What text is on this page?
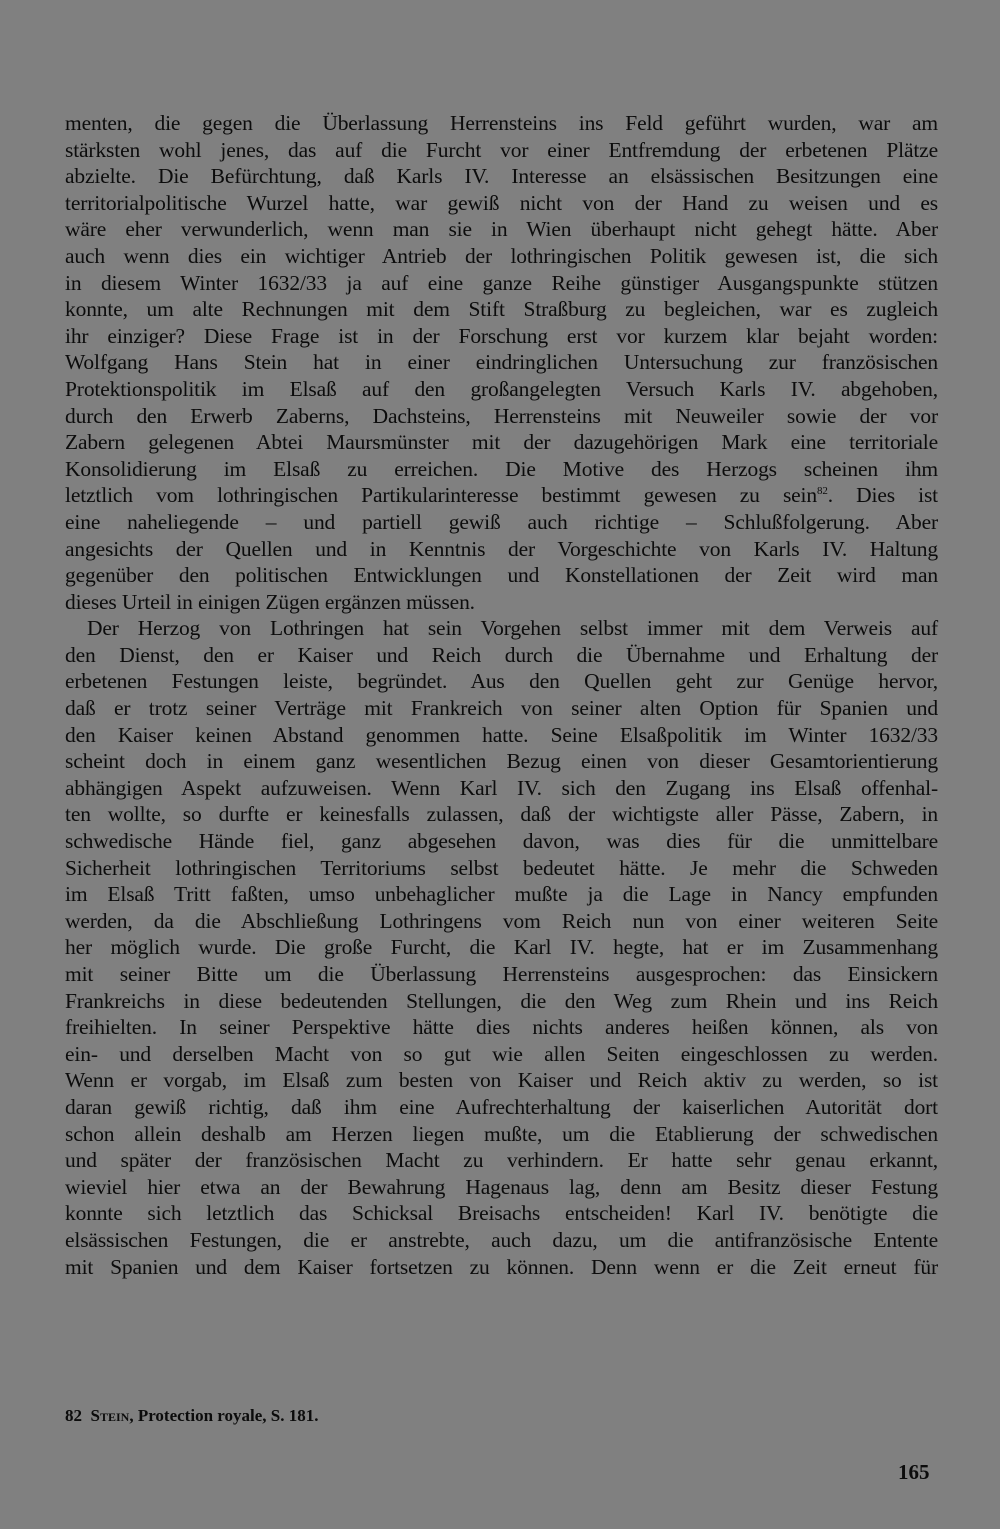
menten, die gegen die Überlassung Herrensteins ins Feld geführt wurden, war am
stärksten wohl jenes, das auf die Furcht vor einer Entfremdung der erbetenen Plätze
abzielte. Die Befürchtung, daß Karls IV. Interesse an elsässischen Besitzungen eine
territorialpolitische Wurzel hatte, war gewiß nicht von der Hand zu weisen und es
wäre eher verwunderlich, wenn man sie in Wien überhaupt nicht gehegt hätte. Aber
auch wenn dies ein wichtiger Antrieb der lothringischen Politik gewesen ist, die sich
in diesem Winter 1632/33 ja auf eine ganze Reihe günstiger Ausgangspunkte stützen
konnte, um alte Rechnungen mit dem Stift Straßburg zu begleichen, war es zugleich
ihr einziger? Diese Frage ist in der Forschung erst vor kurzem klar bejaht worden:
Wolfgang Hans Stein hat in einer eindringlichen Untersuchung zur französischen
Protektionspolitik im Elsaß auf den großangelegten Versuch Karls IV. abgehoben,
durch den Erwerb Zaberns, Dachsteins, Herrensteins mit Neuweiler sowie der vor
Zabern gelegenen Abtei Maursmünster mit der dazugehörigen Mark eine territoriale
Konsolidierung im Elsaß zu erreichen. Die Motive des Herzogs scheinen ihm
letztlich vom lothringischen Partikularinteresse bestimmt gewesen zu sein$^{82}$. Dies ist
eine naheliegende – und partiell gewiß auch richtige – Schlußfolgerung. Aber
angesichts der Quellen und in Kenntnis der Vorgeschichte von Karls IV. Haltung
gegenüber den politischen Entwicklungen und Konstellationen der Zeit wird man
dieses Urteil in einigen Zügen ergänzen müssen.
Der Herzog von Lothringen hat sein Vorgehen selbst immer mit dem Verweis auf
den Dienst, den er Kaiser und Reich durch die Übernahme und Erhaltung der
erbetenen Festungen leiste, begründet. Aus den Quellen geht zur Genüge hervor,
daß er trotz seiner Verträge mit Frankreich von seiner alten Option für Spanien und
den Kaiser keinen Abstand genommen hatte. Seine Elsaßpolitik im Winter 1632/33
scheint doch in einem ganz wesentlichen Bezug einen von dieser Gesamtorientierung
abhängigen Aspekt aufzuweisen. Wenn Karl IV. sich den Zugang ins Elsaß offenhal-
ten wollte, so durfte er keinesfalls zulassen, daß der wichtigste aller Pässe, Zabern, in
schwedische Hände fiel, ganz abgesehen davon, was dies für die unmittelbare
Sicherheit lothringischen Territoriums selbst bedeutet hätte. Je mehr die Schweden
im Elsaß Tritt faßten, umso unbehaglicher mußte ja die Lage in Nancy empfunden
werden, da die Abschließung Lothringens vom Reich nun von einer weiteren Seite
her möglich wurde. Die große Furcht, die Karl IV. hegte, hat er im Zusammenhang
mit seiner Bitte um die Überlassung Herrensteins ausgesprochen: das Einsickern
Frankreichs in diese bedeutenden Stellungen, die den Weg zum Rhein und ins Reich
freihielten. In seiner Perspektive hätte dies nichts anderes heißen können, als von
ein- und derselben Macht von so gut wie allen Seiten eingeschlossen zu werden.
Wenn er vorgab, im Elsaß zum besten von Kaiser und Reich aktiv zu werden, so ist
daran gewiß richtig, daß ihm eine Aufrechterhaltung der kaiserlichen Autorität dort
schon allein deshalb am Herzen liegen mußte, um die Etablierung der schwedischen
und später der französischen Macht zu verhindern. Er hatte sehr genau erkannt,
wieviel hier etwa an der Bewahrung Hagenaus lag, denn am Besitz dieser Festung
konnte sich letztlich das Schicksal Breisachs entscheiden! Karl IV. benötigte die
elsässischen Festungen, die er anstrebte, auch dazu, um die antifranzösische Entente
mit Spanien und dem Kaiser fortsetzen zu können. Denn wenn er die Zeit erneut für
82 Stein, Protection royale, S. 181.
165
